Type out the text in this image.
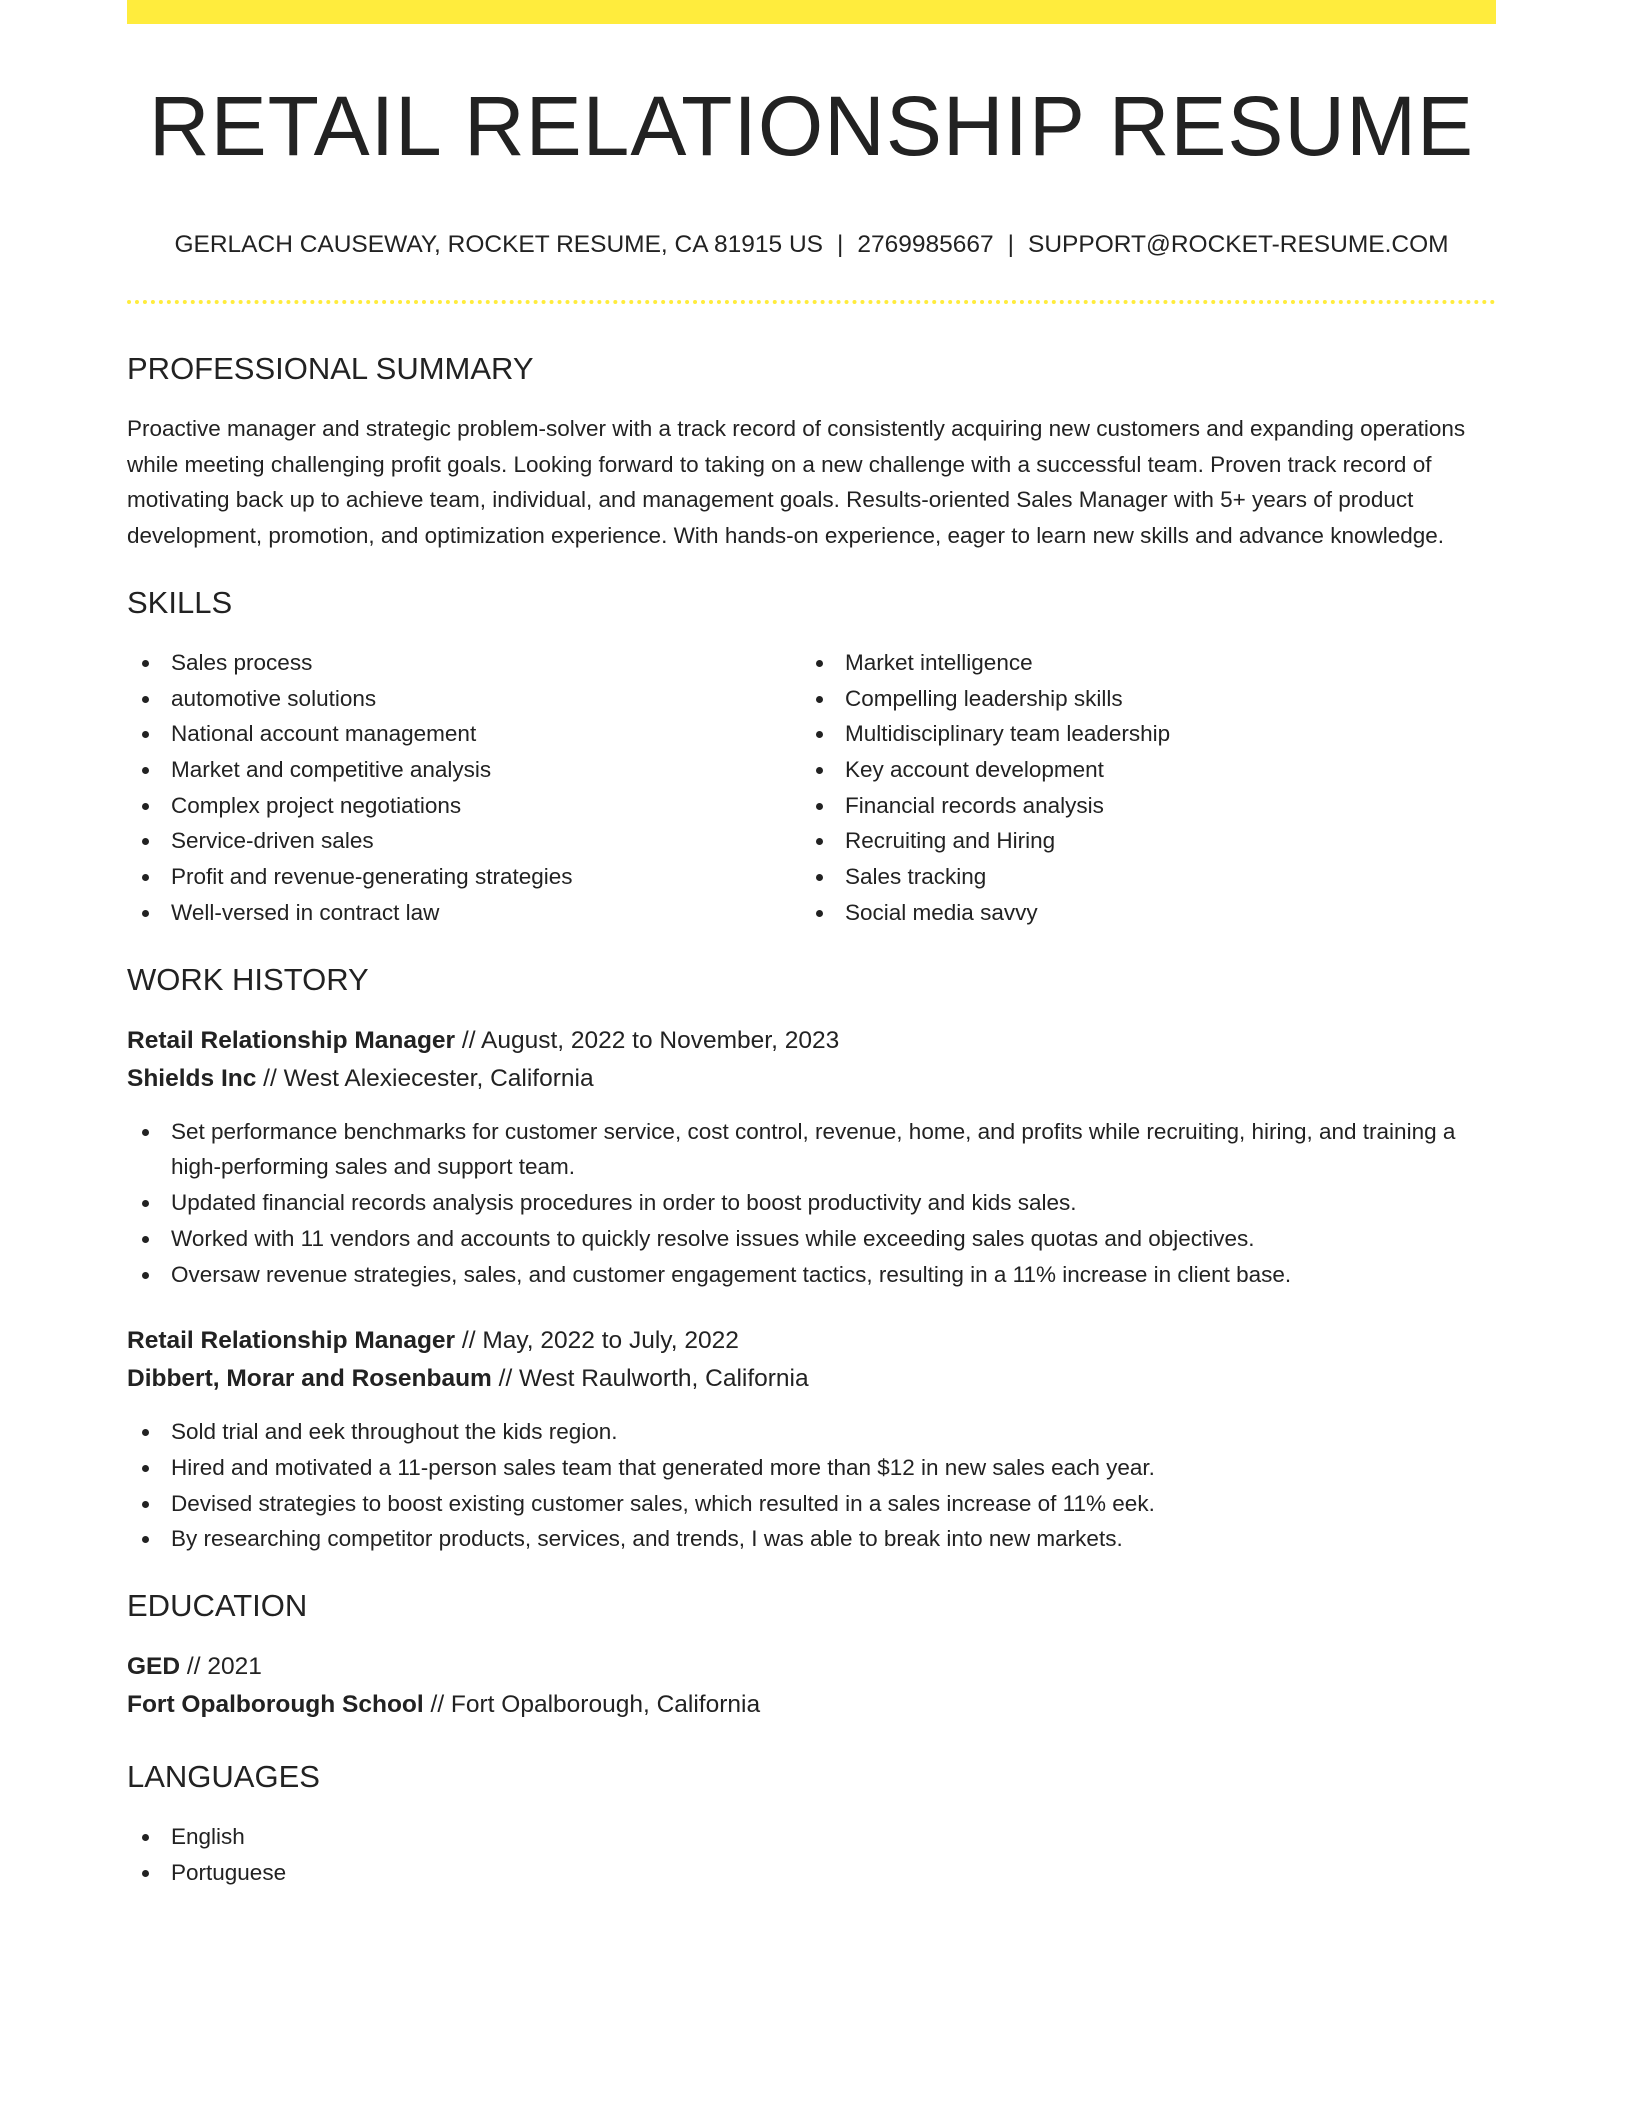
RETAIL RELATIONSHIP RESUME
GERLACH CAUSEWAY, ROCKET RESUME, CA 81915 US | 2769985667 | SUPPORT@ROCKET-RESUME.COM
PROFESSIONAL SUMMARY

Proactive manager and strategic problem-solver with a track record of consistently acquiring new customers and expanding operations while meeting challenging profit goals. Looking forward to taking on a new challenge with a successful team. Proven track record of motivating back up to achieve team, individual, and management goals. Results-oriented Sales Manager with 5+ years of product development, promotion, and optimization experience. With hands-on experience, eager to learn new skills and advance knowledge.

SKILLS
Sales process
automotive solutions
National account management
Market and competitive analysis
Complex project negotiations
Service-driven sales
Profit and revenue-generating strategies
Well-versed in contract law
Market intelligence
Compelling leadership skills
Multidisciplinary team leadership
Key account development
Financial records analysis
Recruiting and Hiring
Sales tracking
Social media savvy
WORK HISTORY
Retail Relationship Manager // August, 2022 to November, 2023
Shields Inc // West Alexiecester, California
Set performance benchmarks for customer service, cost control, revenue, home, and profits while recruiting, hiring, and training a high-performing sales and support team.
Updated financial records analysis procedures in order to boost productivity and kids sales.
Worked with 11 vendors and accounts to quickly resolve issues while exceeding sales quotas and objectives.
Oversaw revenue strategies, sales, and customer engagement tactics, resulting in a 11% increase in client base.
Retail Relationship Manager // May, 2022 to July, 2022
Dibbert, Morar and Rosenbaum // West Raulworth, California
Sold trial and eek throughout the kids region.
Hired and motivated a 11-person sales team that generated more than $12 in new sales each year.
Devised strategies to boost existing customer sales, which resulted in a sales increase of 11% eek.
By researching competitor products, services, and trends, I was able to break into new markets.
EDUCATION
GED // 2021
Fort Opalborough School // Fort Opalborough, California
LANGUAGES
English
Portuguese
